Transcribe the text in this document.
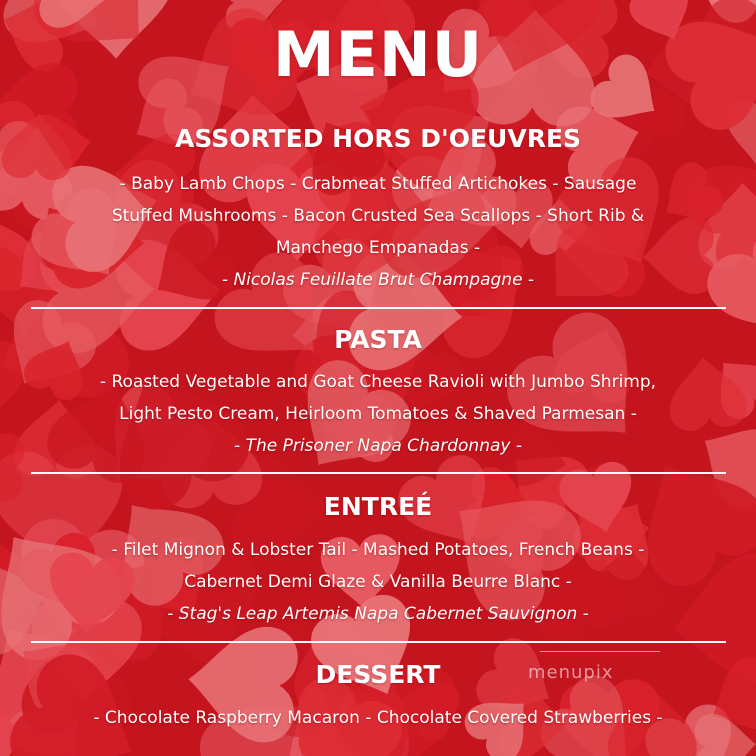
MENU
ASSORTED HORS D'OEUVRES
- Baby Lamb Chops - Crabmeat Stuffed Artichokes - Sausage
Stuffed Mushrooms - Bacon Crusted Sea Scallops - Short Rib &
Manchego Empanadas -
- Nicolas Feuillate Brut Champagne -
PASTA
- Roasted Vegetable and Goat Cheese Ravioli with Jumbo Shrimp,
Light Pesto Cream, Heirloom Tomatoes & Shaved Parmesan -
- The Prisoner Napa Chardonnay -
ENTREÉ
- Filet Mignon & Lobster Tail - Mashed Potatoes, French Beans -
Cabernet Demi Glaze & Vanilla Beurre Blanc -
- Stag's Leap Artemis Napa Cabernet Sauvignon -
DESSERT
- Chocolate Raspberry Macaron - Chocolate Covered Strawberries -
menupix
